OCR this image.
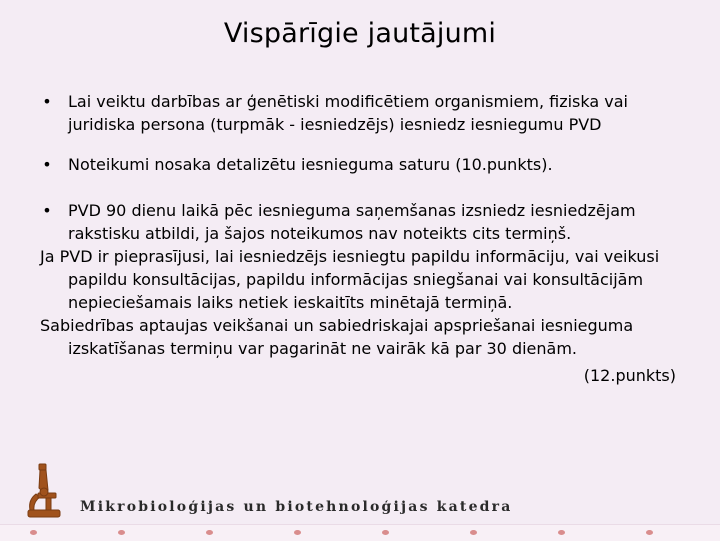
Vispārīgie jautājumi
• Lai veiktu darbības ar ģenētiski modificētiem organismiem, fiziska vai juridiska persona (turpmāk - iesniedzējs) iesniedz iesniegumu PVD
• Noteikumi nosaka detalizētu iesnieguma saturu (10.punkts).
• PVD 90 dienu laikā pēc iesnieguma saņemšanas izsniedz iesniedzējam rakstisku atbildi, ja šajos noteikumos nav noteikts cits termiņš.
Ja PVD ir pieprasījusi, lai iesniedzējs iesniegtu papildu informāciju, vai veikusi papildu konsultācijas, papildu informācijas sniegšanai vai konsultācijām nepieciešamais laiks netiek ieskaitīts minētajā termiņā.
Sabiedrības aptaujas veikšanai un sabiedriskajai apspriešanai iesnieguma izskatīšanas termiņu var pagarināt ne vairāk kā par 30 dienām.
(12.punkts)
Mikrobioloģijas un biotehnoloģijas katedra
